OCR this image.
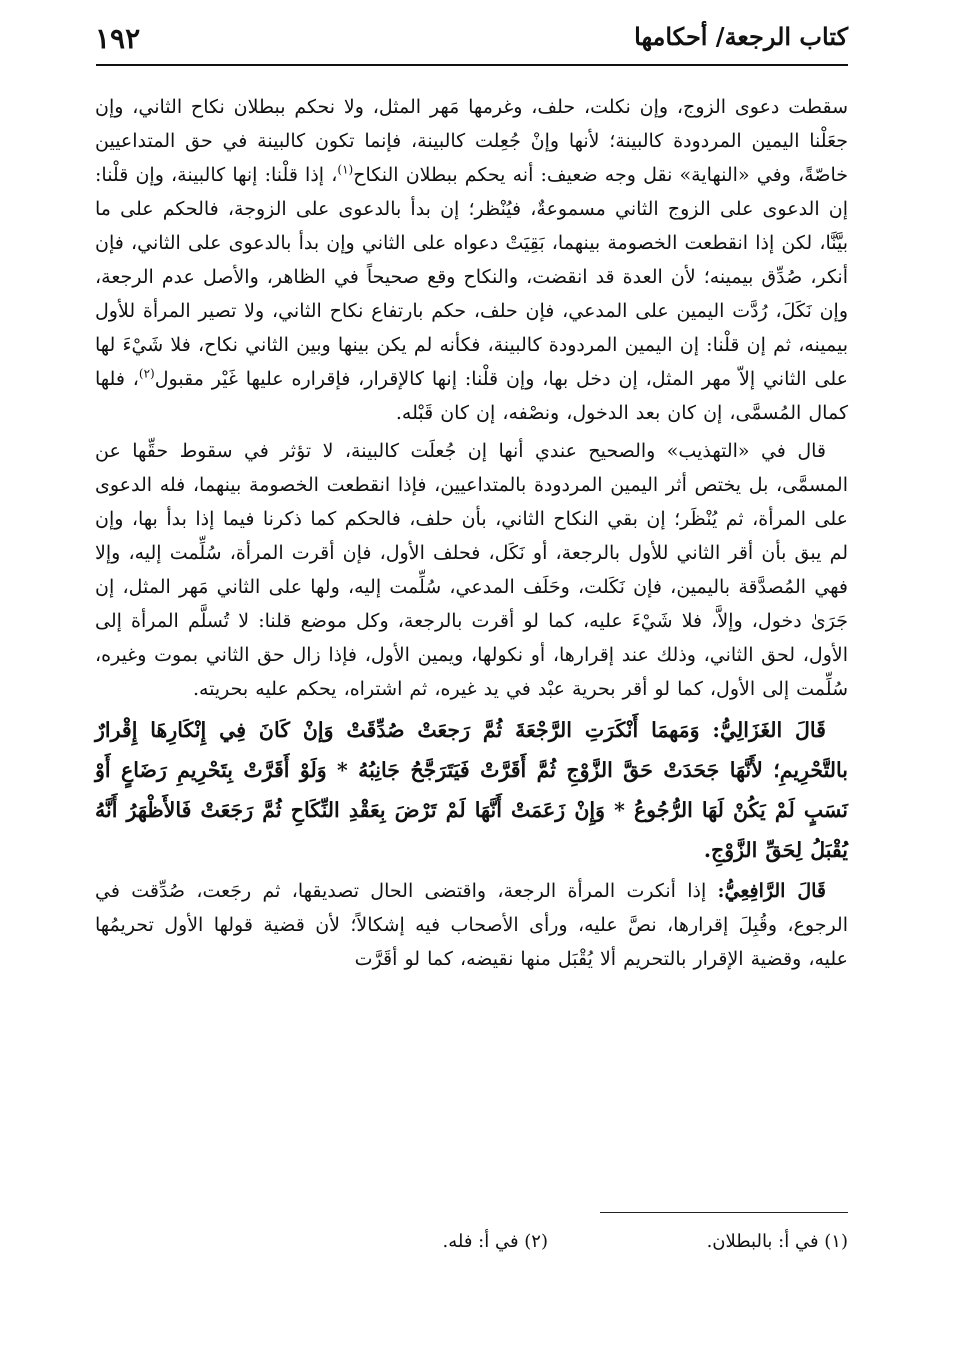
كتاب الرجعة/ أحكامها
١٩٢

سقطت دعوى الزوج، وإن نكلت، حلف، وغرمها مَهر المثل، ولا نحكم ببطلان نكاح الثاني، وإن جعَلْنا اليمين المردودة كالبينة؛ لأنها وإنْ جُعِلت كالبينة، فإنما تكون كالبينة في حق المتداعيين خاصّةً، وفي «النهاية» نقل وجه ضعيف: أنه يحكم ببطلان النكاح$^{(١)}$، إذا قلْنا: إنها كالبينة، وإن قلْنا: إن الدعوى على الزوج الثاني مسموعةٌ، فيُنْظر؛ إن بدأ بالدعوى على الزوجة، فالحكم على ما بيَّنَّا، لكن إذا انقطعت الخصومة بينهما، بَقِيَتْ دعواه على الثاني وإن بدأ بالدعوى على الثاني، فإن أنكر، صُدِّق بيمينه؛ لأن العدة قد انقضت، والنكاح وقع صحيحاً في الظاهر، والأصل عدم الرجعة، وإن نَكَلَ، رُدَّت اليمين على المدعي، فإن حلف، حكم بارتفاع نكاح الثاني، ولا تصير المرأة للأول بيمينه، ثم إن قلْنا: إن اليمين المردودة كالبينة، فكأنه لم يكن بينها وبين الثاني نكاح، فلا شَيْءَ لها على الثاني إلاّ مهر المثل، إن دخل بها، وإن قلْنا: إنها كالإقرار، فإقراره عليها غَيْر مقبول$^{(٢)}$، فلها كمال المُسمَّى، إن كان بعد الدخول، ونصْفه، إن كان قَبْله.

قال في «التهذيب» والصحيح عندي أنها إن جُعلَت كالبينة، لا تؤثر في سقوط حقِّها عن المسمَّى، بل يختص أثر اليمين المردودة بالمتداعيين، فإذا انقطعت الخصومة بينهما، فله الدعوى على المرأة، ثم يُنْظَر؛ إن بقي النكاح الثاني، بأن حلف، فالحكم كما ذكرنا فيما إذا بدأ بها، وإن لم يبق بأن أقر الثاني للأول بالرجعة، أو نَكَل، فحلف الأول، فإن أقرت المرأة، سُلِّمت إليه، وإلا فهي المُصدَّقة باليمين، فإن نَكَلت، وحَلَف المدعي، سُلِّمت إليه، ولها على الثاني مَهر المثل، إن جَرَىٰ دخول، وإلاَّ، فلا شَيْءَ عليه، كما لو أقرت بالرجعة، وكل موضع قلنا: لا تُسلَّم المرأة إلى الأول، لحق الثاني، وذلك عند إقرارها، أو نكولها، ويمين الأول، فإذا زال حق الثاني بموت وغيره، سُلِّمت إلى الأول، كما لو أقر بحرية عبْد في يد غيره، ثم اشتراه، يحكم عليه بحريته.

قَالَ الغَزَالِيُّ: وَمَهمَا أَنْكَرَتِ الرَّجْعَةَ ثُمَّ رَجعَتْ صُدِّقَتْ وَإنْ كَانَ فِي إِنْكَارِهَا إِقْرارٌ بالتَّحْرِيمِ؛ لأَنَّهَا جَحَدَتْ حَقَّ الزَّوْجِ ثُمَّ أَقَرَّتْ فَيَتَرَجَّحُ جَانِبُهُ * وَلَوْ أَقَرَّتْ بِتَحْرِيمِ رَضَاعٍ أَوْ نَسَبٍ لَمْ يَكُنْ لَهَا الرُّجُوعُ * وَإِنْ زَعَمَتْ أَنَّهَا لَمْ تَرْضَ بِعَقْدِ النِّكَاحِ ثُمَّ رَجَعَتْ فَالأَظْهَرُ أَنَّهُ يُقْبَلُ لِحَقِّ الزَّوْجِ.

قَالَ الرَّافِعِيُّ: إذا أنكرت المرأة الرجعة، واقتضى الحال تصديقها، ثم رجَعت، صُدِّقت في الرجوع، وقُبِلَ إقرارها، نصَّ عليه، ورأى الأصحاب فيه إشكالاً؛ لأن قضية قولها الأول تحريمُها عليه، وقضية الإقرار بالتحريم ألا يُقْبَل منها نقيضه، كما لو أقَرَّت

(١) في أ: بالبطلان.
(٢) في أ: فله.
